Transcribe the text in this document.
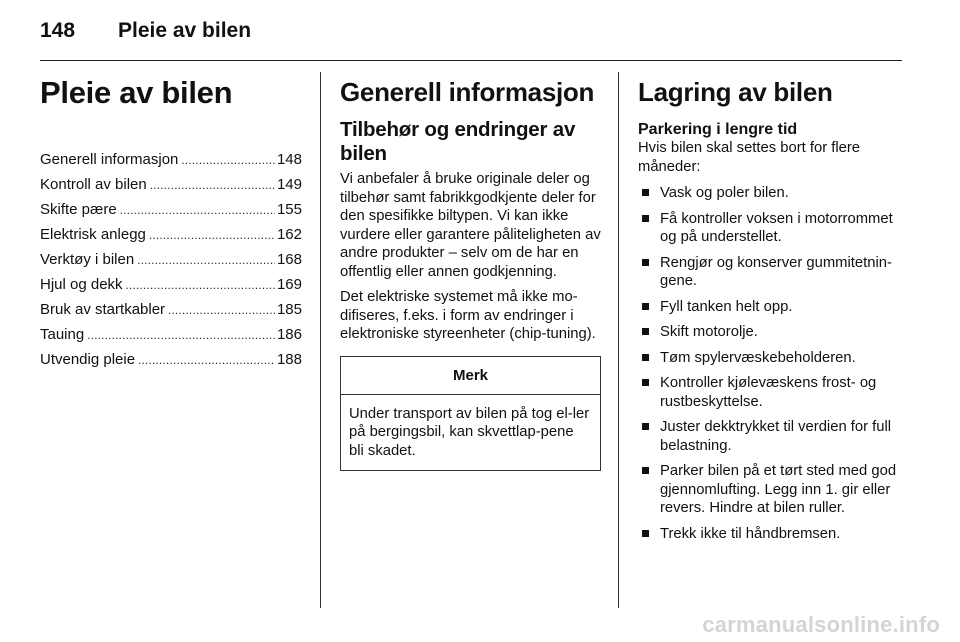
148 Pleie av bilen
Pleie av bilen
Generell informasjon .....	148
Kontroll av bilen .....	149
Skifte pære .....	155
Elektrisk anlegg .....	162
Verktøy i bilen .....	168
Hjul og dekk .....	169
Bruk av startkabler .....	185
Tauing .....	186
Utvendig pleie .....	188
Generell informasjon
Tilbehør og endringer av bilen

Vi anbefaler å bruke originale deler og tilbehør samt fabrikkgodkjente deler for den spesifikke biltypen. Vi kan ikke vurdere eller garantere påliteligheten av andre produkter – selv om de har en offentlig eller annen godkjenning.

Det elektriske systemet må ikke mo-difiseres, f.eks. i form av endringer i elektroniske styreenheter (chip-tuning).

Merk
Under transport av bilen på tog el-ler på bergingsbil, kan skvettlap-pene bli skadet.
Lagring av bilen
Parkering i lengre tid

Hvis bilen skal settes bort for flere måneder:

Vask og poler bilen.
Få kontroller voksen i motorrommet og på understellet.
Rengjør og konserver gummitetnin-gene.
Fyll tanken helt opp.
Skift motorolje.
Tøm spylervæskebeholderen.
Kontroller kjølevæskens frost- og rustbeskyttelse.
Juster dekktrykket til verdien for full belastning.
Parker bilen på et tørt sted med god gjennomlufting. Legg inn 1. gir eller revers. Hindre at bilen ruller.
Trekk ikke til håndbremsen.
carmanualsonline.info
